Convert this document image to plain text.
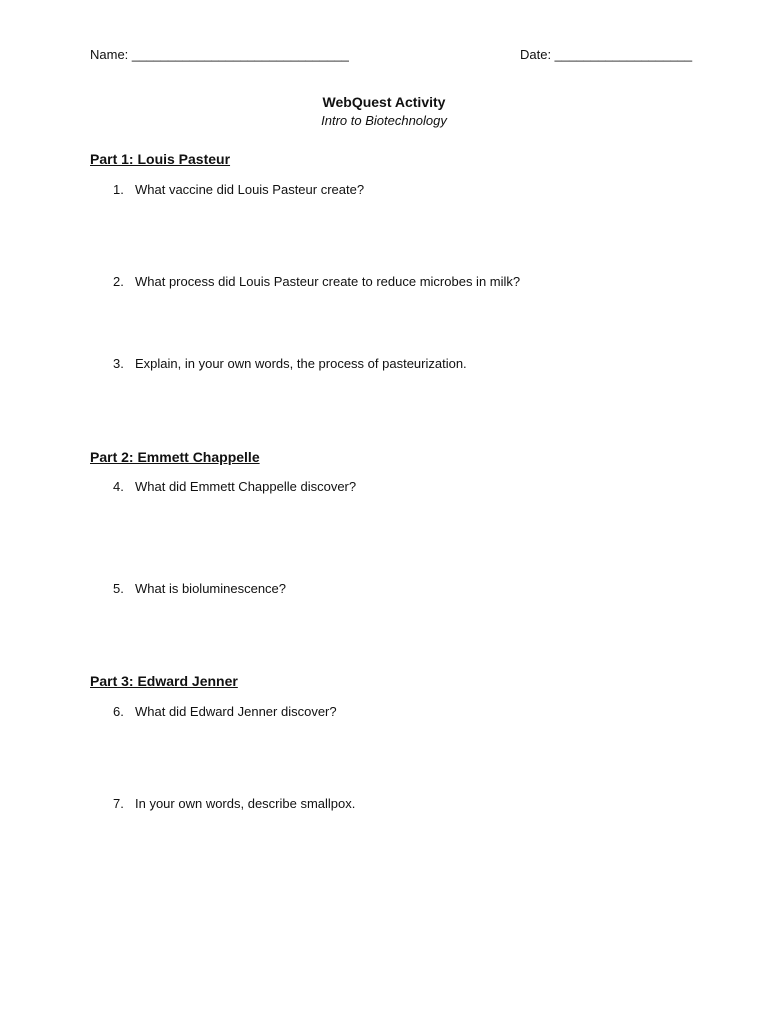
Name: ______________________________	Date: ___________________
WebQuest Activity
Intro to Biotechnology
Part 1: Louis Pasteur
1. What vaccine did Louis Pasteur create?
2. What process did Louis Pasteur create to reduce microbes in milk?
3. Explain, in your own words, the process of pasteurization.
Part 2: Emmett Chappelle
4. What did Emmett Chappelle discover?
5. What is bioluminescence?
Part 3: Edward Jenner
6. What did Edward Jenner discover?
7. In your own words, describe smallpox.
